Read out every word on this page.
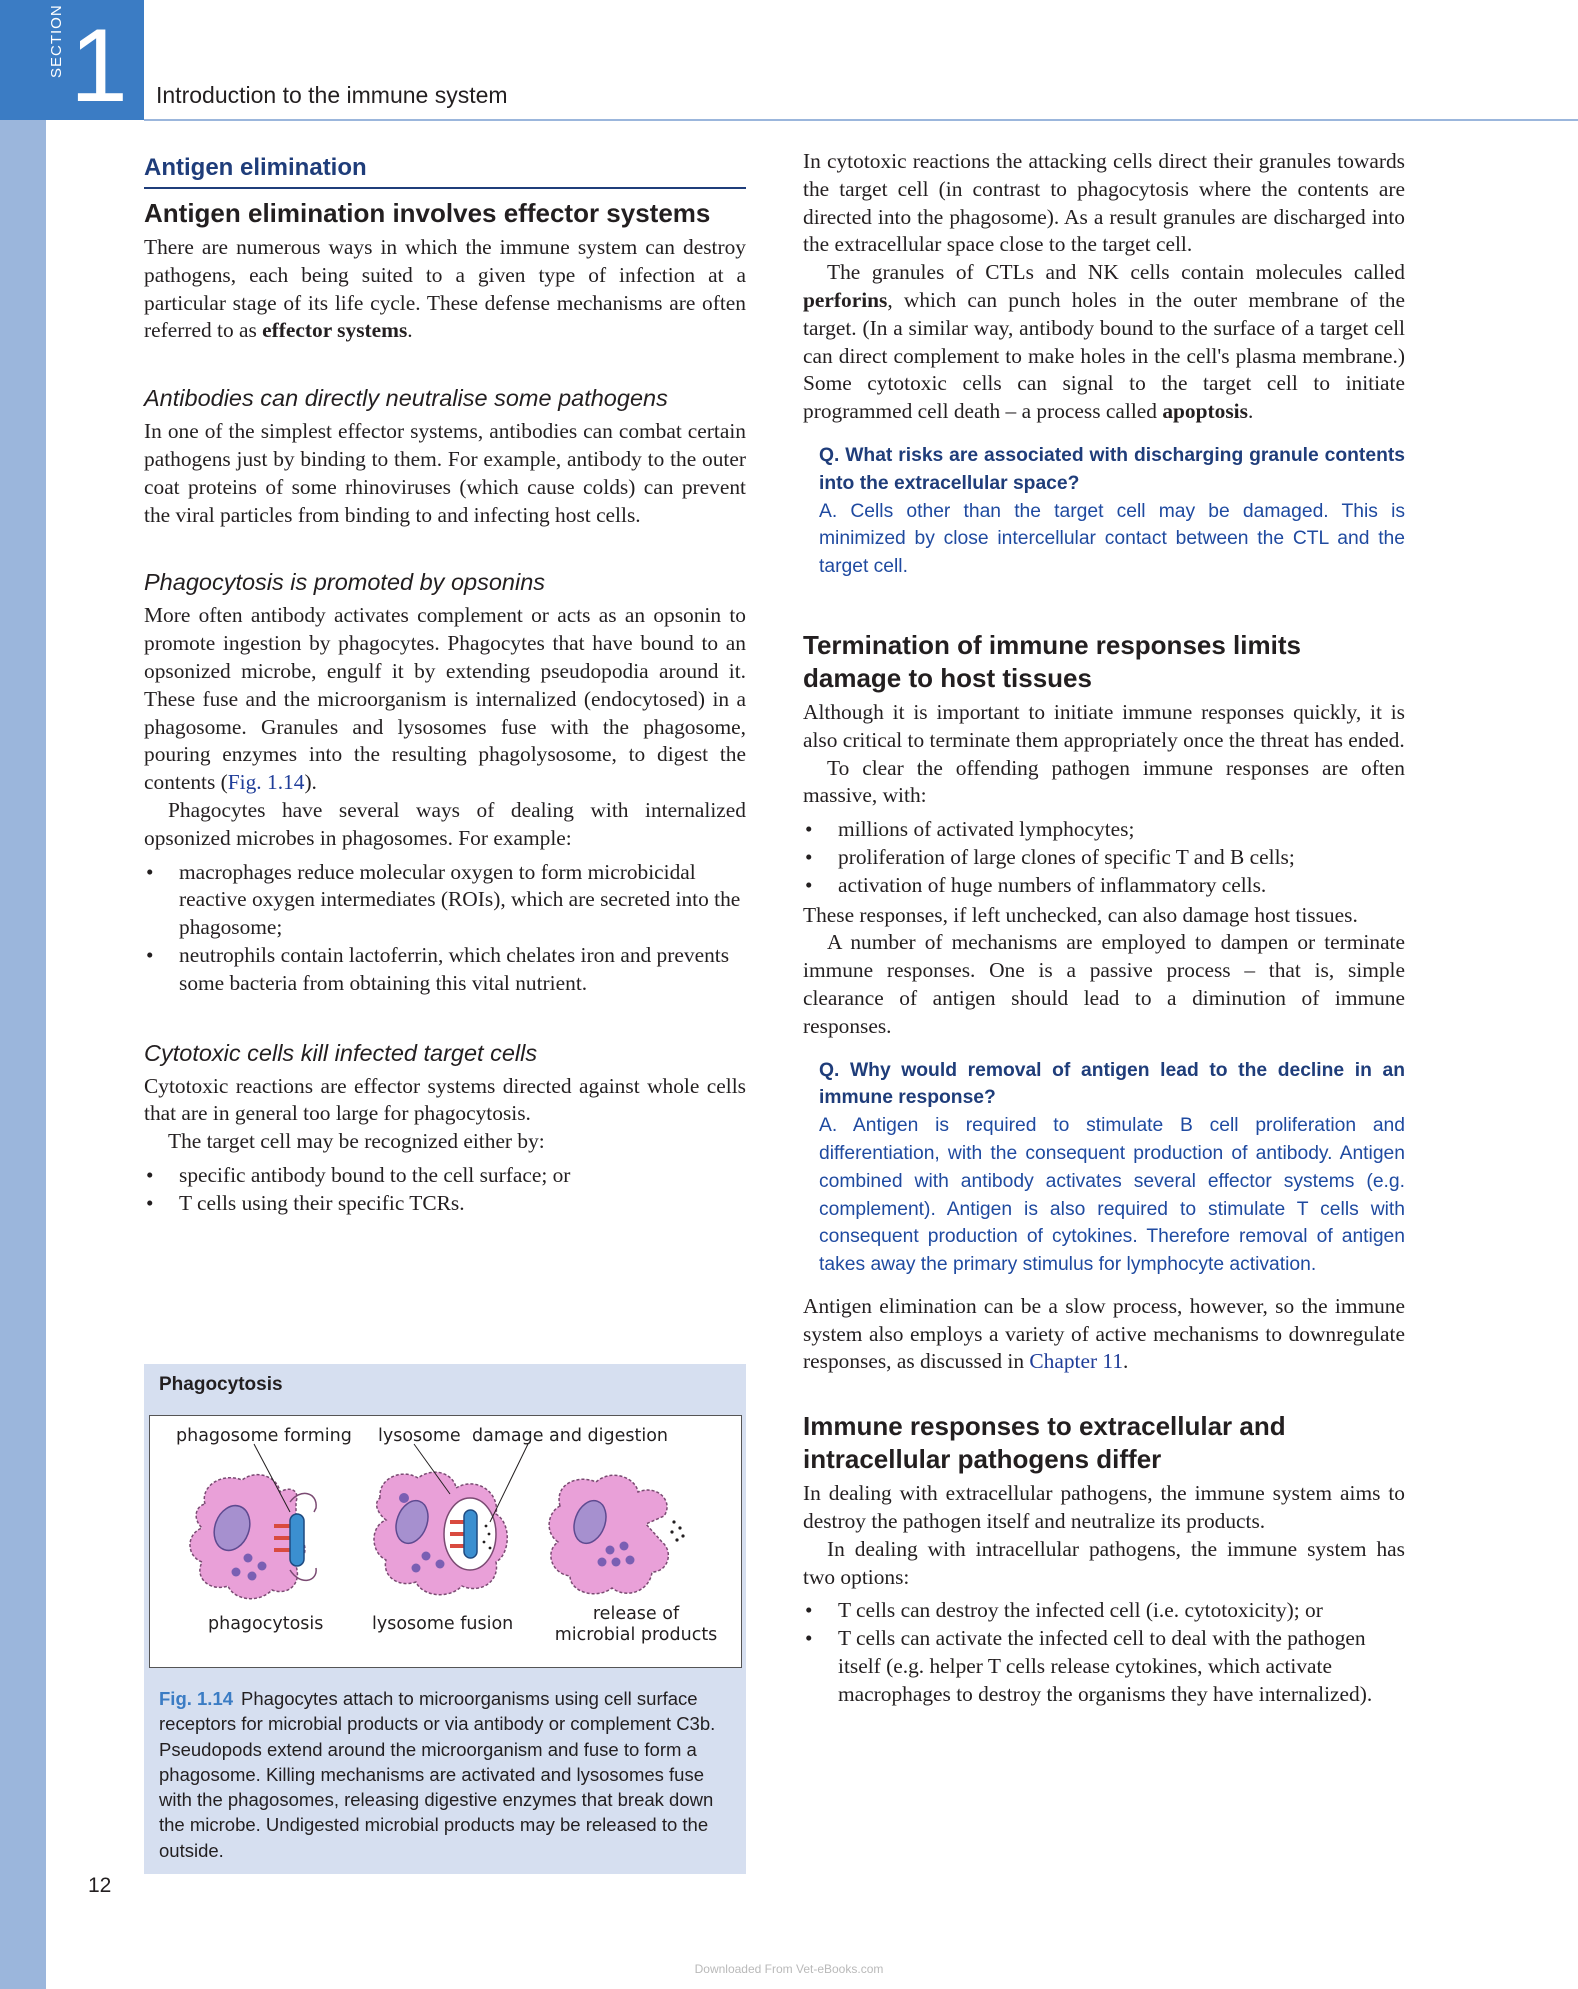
SECTION 1 Introduction to the immune system
Antigen elimination
Antigen elimination involves effector systems

There are numerous ways in which the immune system can destroy pathogens, each being suited to a given type of infection at a particular stage of its life cycle. These defense mechanisms are often referred to as effector systems.

Antibodies can directly neutralise some pathogens

In one of the simplest effector systems, antibodies can combat certain pathogens just by binding to them. For example, antibody to the outer coat proteins of some rhinoviruses (which cause colds) can prevent the viral particles from binding to and infecting host cells.

Phagocytosis is promoted by opsonins

More often antibody activates complement or acts as an opsonin to promote ingestion by phagocytes. Phagocytes that have bound to an opsonized microbe, engulf it by extending pseudopodia around it. These fuse and the microorganism is internalized (endocytosed) in a phagosome. Granules and lysosomes fuse with the phagosome, pouring enzymes into the resulting phagolysosome, to digest the contents (Fig. 1.14).

Phagocytes have several ways of dealing with internalized opsonized microbes in phagosomes. For example:

• macrophages reduce molecular oxygen to form microbicidal reactive oxygen intermediates (ROIs), which are secreted into the phagosome;
• neutrophils contain lactoferrin, which chelates iron and prevents some bacteria from obtaining this vital nutrient.
Cytotoxic cells kill infected target cells

Cytotoxic reactions are effector systems directed against whole cells that are in general too large for phagocytosis.

The target cell may be recognized either by:

• specific antibody bound to the cell surface; or
• T cells using their specific TCRs.
Phagocytosis
phagosome forming lysosome damage and digestion
phagocytosis	lysosome fusion	release of
microbial products
Fig. 1.14 Phagocytes attach to microorganisms using cell surface receptors for microbial products or via antibody or complement C3b. Pseudopods extend around the microorganism and fuse to form a phagosome. Killing mechanisms are activated and lysosomes fuse with the phagosomes, releasing digestive enzymes that break down the microbe. Undigested microbial products may be released to the outside.

In cytotoxic reactions the attacking cells direct their granules towards the target cell (in contrast to phagocytosis where the contents are directed into the phagosome). As a result granules are discharged into the extracellular space close to the target cell.

The granules of CTLs and NK cells contain molecules called perforins, which can punch holes in the outer membrane of the target. (In a similar way, antibody bound to the surface of a target cell can direct complement to make holes in the cell's plasma membrane.) Some cytotoxic cells can signal to the target cell to initiate programmed cell death – a process called apoptosis.

Q. What risks are associated with discharging granule contents into the extracellular space?
A. Cells other than the target cell may be damaged. This is minimized by close intercellular contact between the CTL and the target cell.
Termination of immune responses limits damage to host tissues

Although it is important to initiate immune responses quickly, it is also critical to terminate them appropriately once the threat has ended.

To clear the offending pathogen immune responses are often massive, with:

• millions of activated lymphocytes;
• proliferation of large clones of specific T and B cells;
• activation of huge numbers of inflammatory cells.

These responses, if left unchecked, can also damage host tissues.

A number of mechanisms are employed to dampen or terminate immune responses. One is a passive process – that is, simple clearance of antigen should lead to a diminution of immune responses.

Q. Why would removal of antigen lead to the decline in an immune response?
A. Antigen is required to stimulate B cell proliferation and differentiation, with the consequent production of antibody. Antigen combined with antibody activates several effector systems (e.g. complement). Antigen is also required to stimulate T cells with consequent production of cytokines. Therefore removal of antigen takes away the primary stimulus for lymphocyte activation.

Antigen elimination can be a slow process, however, so the immune system also employs a variety of active mechanisms to downregulate responses, as discussed in Chapter 11.

Immune responses to extracellular and intracellular pathogens differ

In dealing with extracellular pathogens, the immune system aims to destroy the pathogen itself and neutralize its products.

In dealing with intracellular pathogens, the immune system has two options:

• T cells can destroy the infected cell (i.e. cytotoxicity); or
• T cells can activate the infected cell to deal with the pathogen itself (e.g. helper T cells release cytokines, which activate macrophages to destroy the organisms they have internalized).
12
Downloaded From Vet-eBooks.com
